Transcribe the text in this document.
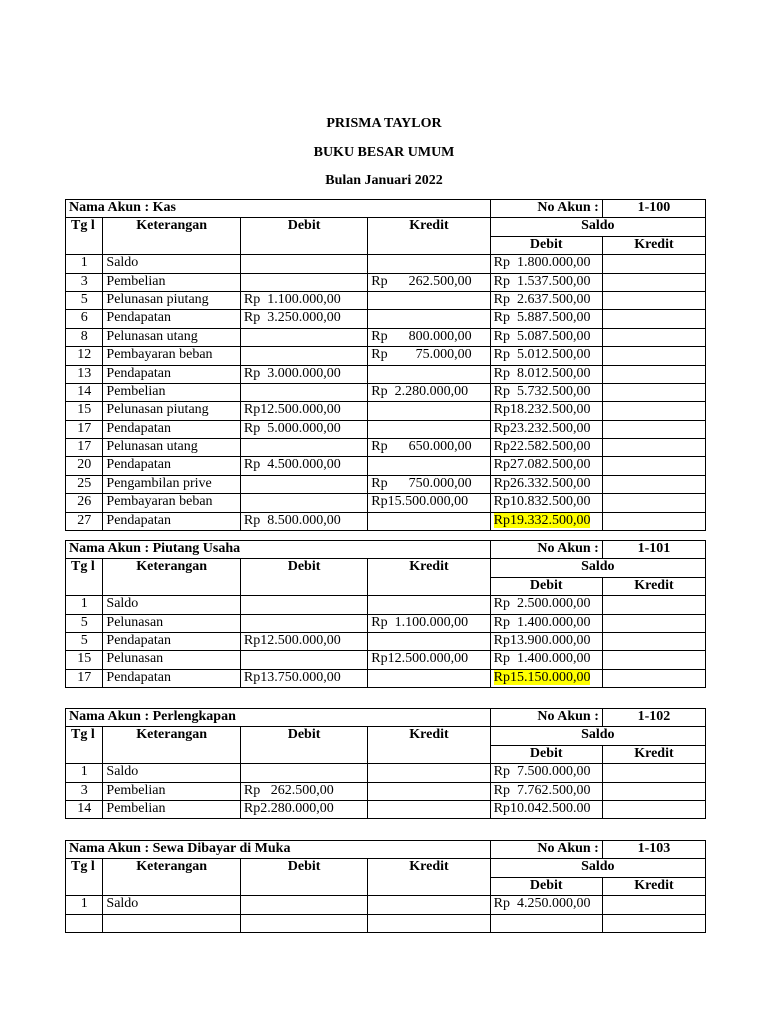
PRISMA TAYLOR
BUKU BESAR UMUM
Bulan Januari 2022
Nama Akun : Kas				No Akun :	1-100
Tg l	Keterangan	Debit	Kredit	Saldo	
				Debit	Kredit
1	Saldo			Rp  1.800.000,00	
3	Pembelian		Rp      262.500,00	Rp  1.537.500,00	
5	Pelunasan piutang	Rp  1.100.000,00		Rp  2.637.500,00	
6	Pendapatan	Rp  3.250.000,00		Rp  5.887.500,00	
8	Pelunasan utang		Rp      800.000,00	Rp  5.087.500,00	
12	Pembayaran beban		Rp        75.000,00	Rp  5.012.500,00	
13	Pendapatan	Rp  3.000.000,00		Rp  8.012.500,00	
14	Pembelian		Rp  2.280.000,00	Rp  5.732.500,00	
15	Pelunasan piutang	Rp12.500.000,00		Rp18.232.500,00	
17	Pendapatan	Rp  5.000.000,00		Rp23.232.500,00	
17	Pelunasan utang		Rp      650.000,00	Rp22.582.500,00	
20	Pendapatan	Rp  4.500.000,00		Rp27.082.500,00	
25	Pengambilan prive		Rp      750.000,00	Rp26.332.500,00	
26	Pembayaran beban		Rp15.500.000,00	Rp10.832.500,00	
27	Pendapatan	Rp  8.500.000,00		Rp19.332.500,00	
Nama Akun : Piutang Usaha				No Akun :	1-101
Tg l	Keterangan	Debit	Kredit	Saldo	
				Debit	Kredit
1	Saldo			Rp  2.500.000,00	
5	Pelunasan		Rp  1.100.000,00	Rp  1.400.000,00	
5	Pendapatan	Rp12.500.000,00		Rp13.900.000,00	
15	Pelunasan		Rp12.500.000,00	Rp  1.400.000,00	
17	Pendapatan	Rp13.750.000,00		Rp15.150.000,00	
Nama Akun : Perlengkapan				No Akun :	1-102
Tg l	Keterangan	Debit	Kredit	Saldo	
				Debit	Kredit
1	Saldo			Rp  7.500.000,00	
3	Pembelian	Rp   262.500,00		Rp  7.762.500,00	
14	Pembelian	Rp2.280.000,00		Rp10.042.500.00	
Nama Akun : Sewa Dibayar di Muka				No Akun :	1-103
Tg l	Keterangan	Debit	Kredit	Saldo	
				Debit	Kredit
1	Saldo			Rp  4.250.000,00	
